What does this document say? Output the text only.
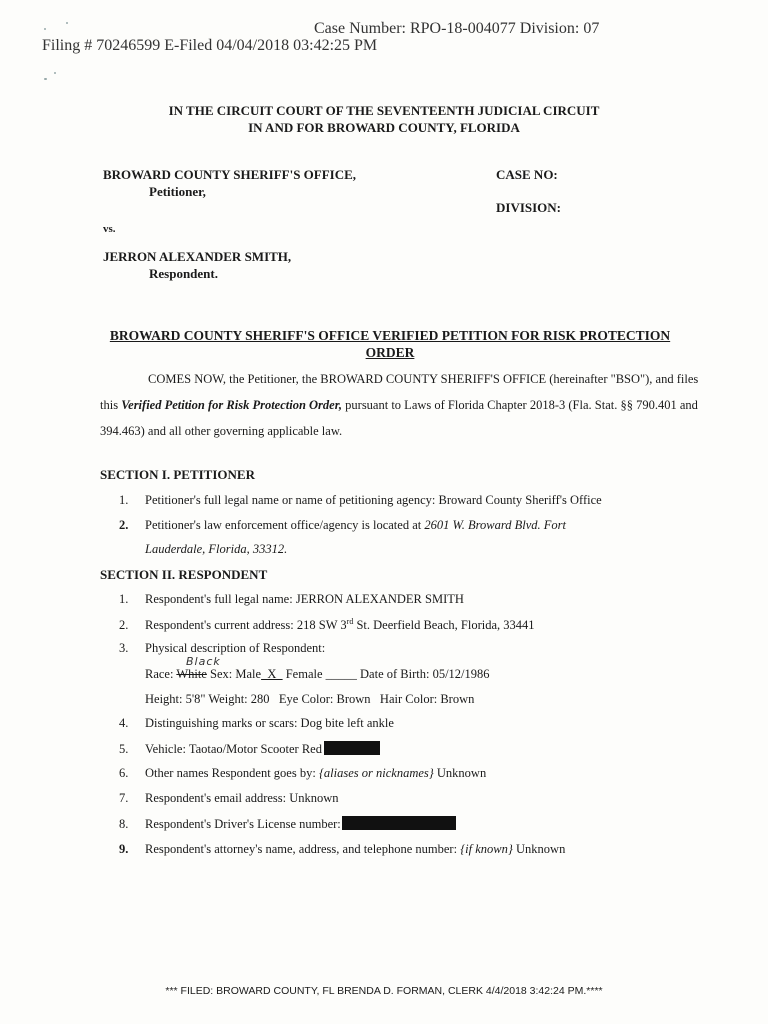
Case Number: RPO-18-004077 Division: 07
Filing # 70246599 E-Filed 04/04/2018 03:42:25 PM
IN THE CIRCUIT COURT OF THE SEVENTEENTH JUDICIAL CIRCUIT
IN AND FOR BROWARD COUNTY, FLORIDA
BROWARD COUNTY SHERIFF'S OFFICE,
Petitioner,
CASE NO:
DIVISION:
vs.
JERRON ALEXANDER SMITH,
Respondent.
BROWARD COUNTY SHERIFF'S OFFICE VERIFIED PETITION FOR RISK PROTECTION
ORDER
COMES NOW, the Petitioner, the BROWARD COUNTY SHERIFF'S OFFICE (hereinafter "BSO"), and files this Verified Petition for Risk Protection Order, pursuant to Laws of Florida Chapter 2018-3 (Fla. Stat. §§ 790.401 and 394.463) and all other governing applicable law.
SECTION I. PETITIONER
1. Petitioner's full legal name or name of petitioning agency: Broward County Sheriff's Office
2. Petitioner's law enforcement office/agency is located at 2601 W. Broward Blvd. Fort
Lauderdale, Florida, 33312.
SECTION II. RESPONDENT
1. Respondent's full legal name: JERRON ALEXANDER SMITH
2. Respondent's current address: 218 SW 3rd St. Deerfield Beach, Florida, 33441
3. Physical description of Respondent:
Black
Race: White Sex: Male  X   Female _____ Date of Birth: 05/12/1986
Height: 5'8" Weight: 280   Eye Color: Brown   Hair Color: Brown
4. Distinguishing marks or scars: Dog bite left ankle
5. Vehicle: Taotao/Motor Scooter Red
6. Other names Respondent goes by: {aliases or nicknames} Unknown
7. Respondent's email address: Unknown
8. Respondent's Driver's License number:
9. Respondent's attorney's name, address, and telephone number: {if known} Unknown
*** FILED: BROWARD COUNTY, FL BRENDA D. FORMAN, CLERK 4/4/2018 3:42:24 PM.****
